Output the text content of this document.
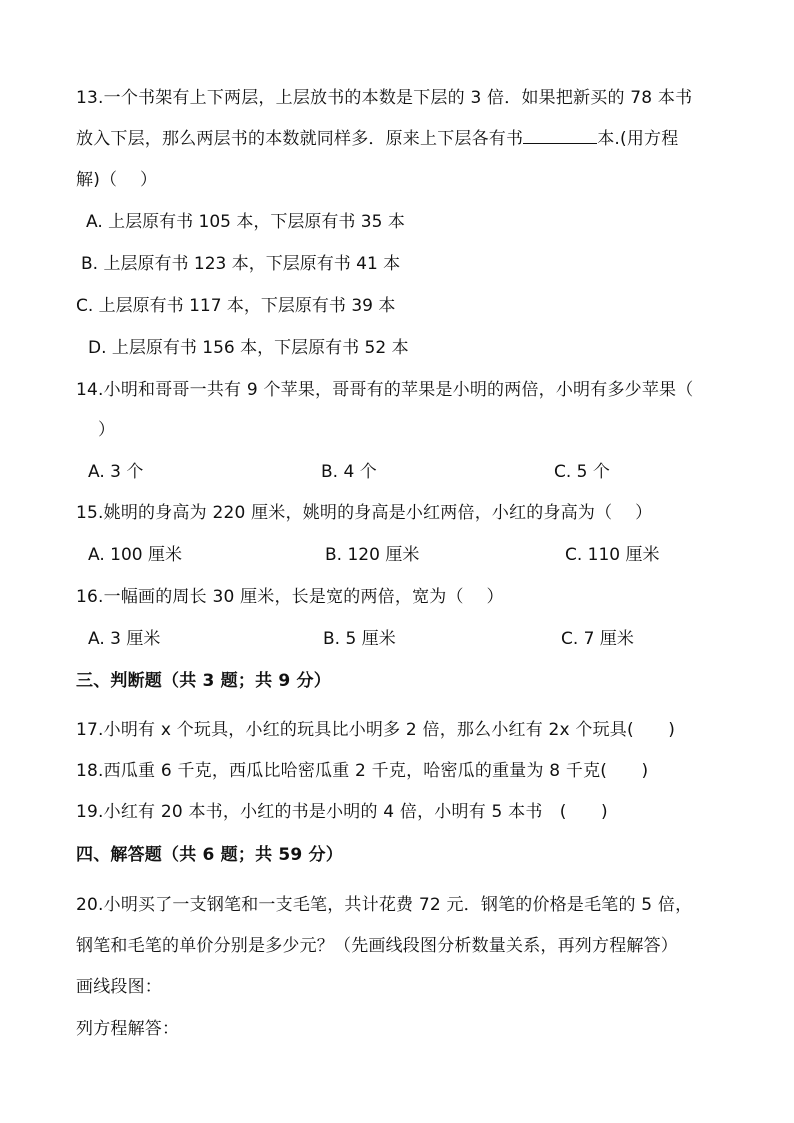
13.一个书架有上下两层，上层放书的本数是下层的 3 倍．如果把新买的 78 本书
放入下层，那么两层书的本数就同样多．原来上下层各有书	本.(用方程
解)（　 ）
A. 上层原有书 105 本，下层原有书 35 本
B. 上层原有书 123 本，下层原有书 41 本
C. 上层原有书 117 本，下层原有书 39 本
D. 上层原有书 156 本，下层原有书 52 本
14.小明和哥哥一共有 9 个苹果，哥哥有的苹果是小明的两倍，小明有多少苹果（
）
A. 3 个	B. 4 个	C. 5 个
15.姚明的身高为 220 厘米，姚明的身高是小红两倍，小红的身高为（　 ）
A. 100 厘米	B. 120 厘米	C. 110 厘米
16.一幅画的周长 30 厘米，长是宽的两倍，宽为（　 ）
A. 3 厘米	B. 5 厘米	C. 7 厘米
三、判断题（共 3 题；共 9 分）
17.小明有 x 个玩具，小红的玩具比小明多 2 倍，那么小红有 2x 个玩具(　　)
18.西瓜重 6 千克，西瓜比哈密瓜重 2 千克，哈密瓜的重量为 8 千克(　　)
19.小红有 20 本书，小红的书是小明的 4 倍，小明有 5 本书　(　　)
四、解答题（共 6 题；共 59 分）
20.小明买了一支钢笔和一支毛笔，共计花费 72 元．钢笔的价格是毛笔的 5 倍，
钢笔和毛笔的单价分别是多少元？（先画线段图分析数量关系，再列方程解答）
画线段图：
列方程解答：
